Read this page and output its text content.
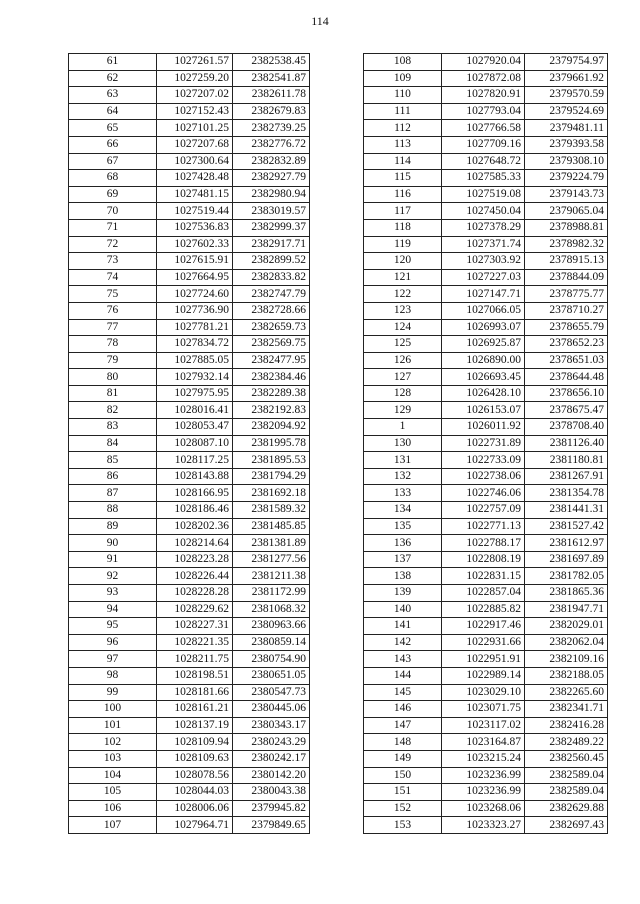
114
61	1027261.57	2382538.45
62	1027259.20	2382541.87
63	1027207.02	2382611.78
64	1027152.43	2382679.83
65	1027101.25	2382739.25
66	1027207.68	2382776.72
67	1027300.64	2382832.89
68	1027428.48	2382927.79
69	1027481.15	2382980.94
70	1027519.44	2383019.57
71	1027536.83	2382999.37
72	1027602.33	2382917.71
73	1027615.91	2382899.52
74	1027664.95	2382833.82
75	1027724.60	2382747.79
76	1027736.90	2382728.66
77	1027781.21	2382659.73
78	1027834.72	2382569.75
79	1027885.05	2382477.95
80	1027932.14	2382384.46
81	1027975.95	2382289.38
82	1028016.41	2382192.83
83	1028053.47	2382094.92
84	1028087.10	2381995.78
85	1028117.25	2381895.53
86	1028143.88	2381794.29
87	1028166.95	2381692.18
88	1028186.46	2381589.32
89	1028202.36	2381485.85
90	1028214.64	2381381.89
91	1028223.28	2381277.56
92	1028226.44	2381211.38
93	1028228.28	2381172.99
94	1028229.62	2381068.32
95	1028227.31	2380963.66
96	1028221.35	2380859.14
97	1028211.75	2380754.90
98	1028198.51	2380651.05
99	1028181.66	2380547.73
100	1028161.21	2380445.06
101	1028137.19	2380343.17
102	1028109.94	2380243.29
103	1028109.63	2380242.17
104	1028078.56	2380142.20
105	1028044.03	2380043.38
106	1028006.06	2379945.82
107	1027964.71	2379849.65
108	1027920.04	2379754.97
109	1027872.08	2379661.92
110	1027820.91	2379570.59
111	1027793.04	2379524.69
112	1027766.58	2379481.11
113	1027709.16	2379393.58
114	1027648.72	2379308.10
115	1027585.33	2379224.79
116	1027519.08	2379143.73
117	1027450.04	2379065.04
118	1027378.29	2378988.81
119	1027371.74	2378982.32
120	1027303.92	2378915.13
121	1027227.03	2378844.09
122	1027147.71	2378775.77
123	1027066.05	2378710.27
124	1026993.07	2378655.79
125	1026925.87	2378652.23
126	1026890.00	2378651.03
127	1026693.45	2378644.48
128	1026428.10	2378656.10
129	1026153.07	2378675.47
1	1026011.92	2378708.40
130	1022731.89	2381126.40
131	1022733.09	2381180.81
132	1022738.06	2381267.91
133	1022746.06	2381354.78
134	1022757.09	2381441.31
135	1022771.13	2381527.42
136	1022788.17	2381612.97
137	1022808.19	2381697.89
138	1022831.15	2381782.05
139	1022857.04	2381865.36
140	1022885.82	2381947.71
141	1022917.46	2382029.01
142	1022931.66	2382062.04
143	1022951.91	2382109.16
144	1022989.14	2382188.05
145	1023029.10	2382265.60
146	1023071.75	2382341.71
147	1023117.02	2382416.28
148	1023164.87	2382489.22
149	1023215.24	2382560.45
150	1023236.99	2382589.04
151	1023236.99	2382589.04
152	1023268.06	2382629.88
153	1023323.27	2382697.43
